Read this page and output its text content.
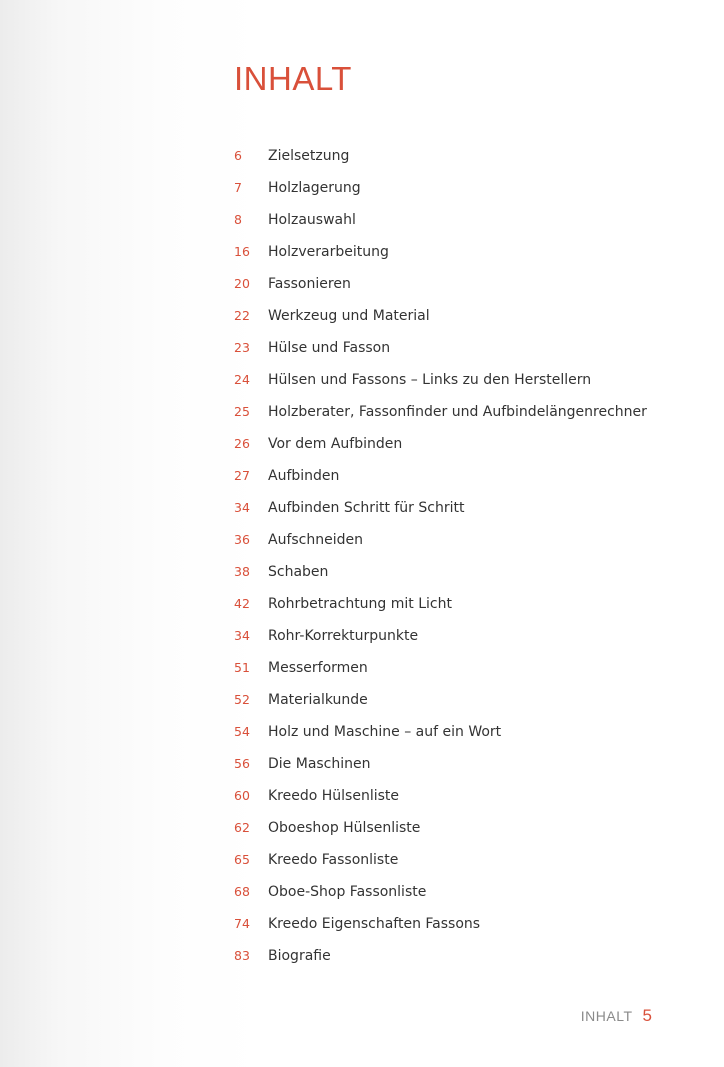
INHALT
6 Zielsetzung
7 Holzlagerung
8 Holzauswahl
16 Holzverarbeitung
20 Fassonieren
22 Werkzeug und Material
23 Hülse und Fasson
24 Hülsen und Fassons – Links zu den Herstellern
25 Holzberater, Fassonfinder und Aufbindelängenrechner
26 Vor dem Aufbinden
27 Aufbinden
34 Aufbinden Schritt für Schritt
36 Aufschneiden
38 Schaben
42 Rohrbetrachtung mit Licht
34 Rohr-Korrekturpunkte
51 Messerformen
52 Materialkunde
54 Holz und Maschine – auf ein Wort
56 Die Maschinen
60 Kreedo Hülsenliste
62 Oboeshop Hülsenliste
65 Kreedo Fassonliste
68 Oboe-Shop Fassonliste
74 Kreedo Eigenschaften Fassons
83 Biografie
INHALT 5
